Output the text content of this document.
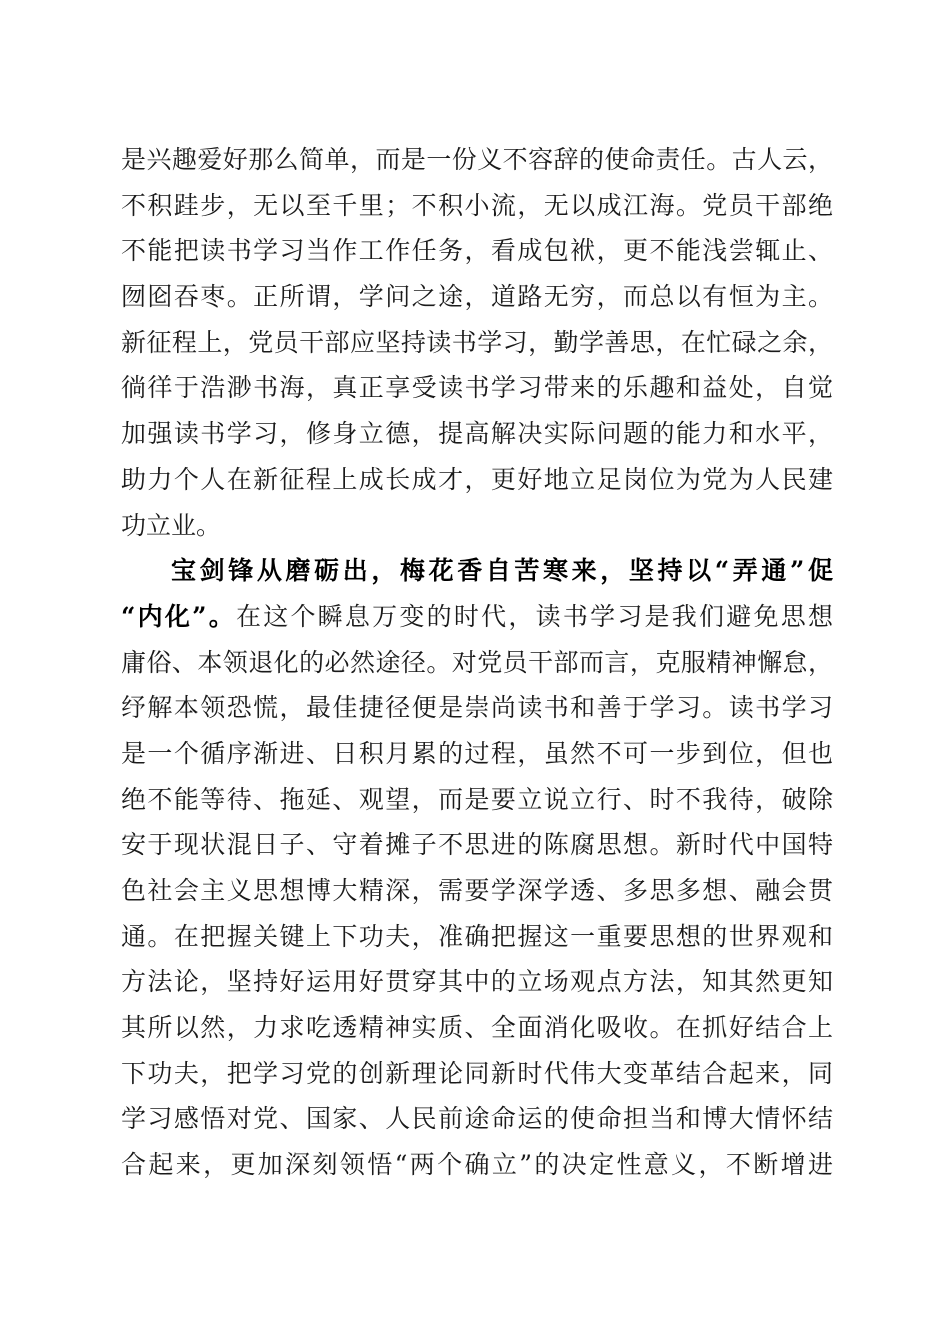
是兴趣爱好那么简单，而是一份义不容辞的使命责任。古人云，
不积跬步，无以至千里；不积小流，无以成江海。党员干部绝
不能把读书学习当作工作任务，看成包袱，更不能浅尝辄止、
囫囵吞枣。正所谓，学问之途，道路无穷，而总以有恒为主。
新征程上，党员干部应坚持读书学习，勤学善思，在忙碌之余，
徜徉于浩渺书海，真正享受读书学习带来的乐趣和益处，自觉
加强读书学习，修身立德，提高解决实际问题的能力和水平，
助力个人在新征程上成长成才，更好地立足岗位为党为人民建
功立业。
宝剑锋从磨砺出，梅花香自苦寒来，坚持以“弄通”促
“内化”。在这个瞬息万变的时代，读书学习是我们避免思想
庸俗、本领退化的必然途径。对党员干部而言，克服精神懈怠，
纾解本领恐慌，最佳捷径便是崇尚读书和善于学习。读书学习
是一个循序渐进、日积月累的过程，虽然不可一步到位，但也
绝不能等待、拖延、观望，而是要立说立行、时不我待，破除
安于现状混日子、守着摊子不思进的陈腐思想。新时代中国特
色社会主义思想博大精深，需要学深学透、多思多想、融会贯
通。在把握关键上下功夫，准确把握这一重要思想的世界观和
方法论，坚持好运用好贯穿其中的立场观点方法，知其然更知
其所以然，力求吃透精神实质、全面消化吸收。在抓好结合上
下功夫，把学习党的创新理论同新时代伟大变革结合起来，同
学习感悟对党、国家、人民前途命运的使命担当和博大情怀结
合起来，更加深刻领悟“两个确立”的决定性意义，不断增进
